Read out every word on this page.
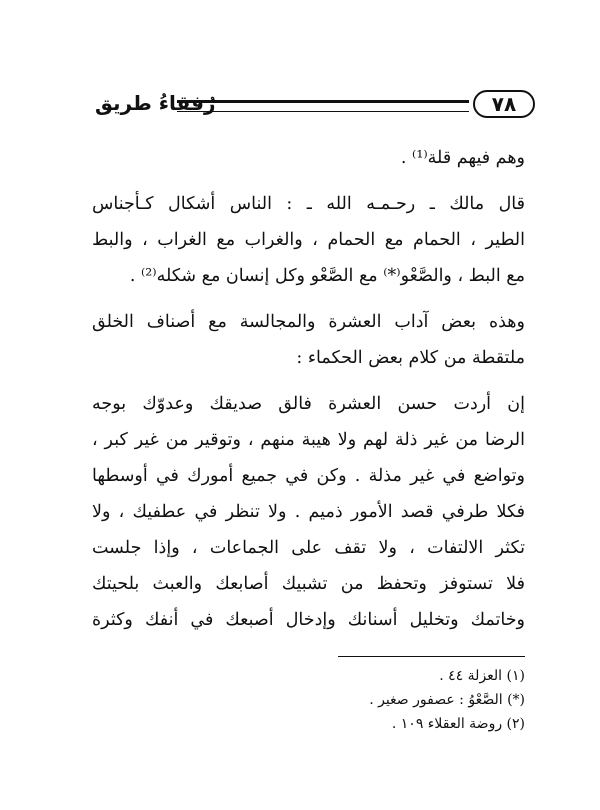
٧٨
رُفقاءُ طريق
وهم فيهم قلة⁽¹⁾ .
قال مالك ـ رحـمـه الله ـ : الناس أشكال كـأجناس
الطير ، الحمام مع الحمام ، والغراب مع الغراب ، والبط
مع البط ، والصَّعْو⁽*⁾ مع الصَّعْو وكل إنسان مع شكله⁽²⁾ .
وهذه بعض آداب العشرة والمجالسة مع أصناف الخلق
ملتقطة من كلام بعض الحكماء :
إن أردت حسن العشرة فالق صديقك وعدوّك بوجه
الرضا من غير ذلة لهم ولا هيبة منهم ، وتوقير من غير كبر ،
وتواضع في غير مذلة . وكن في جميع أمورك في أوسطها
فكلا طرفي قصد الأمور ذميم . ولا تنظر في عطفيك ، ولا
تكثر الالتفات ، ولا تقف على الجماعات ، وإذا جلست
فلا تستوفز وتحفظ من تشبيك أصابعك والعبث بلحيتك
وخاتمك وتخليل أسنانك وإدخال أصبعك في أنفك وكثرة
(١) العزلة ٤٤ .
(*) الصَّعْوُ : عصفور صغير .
(٢) روضة العقلاء ١٠٩ .
